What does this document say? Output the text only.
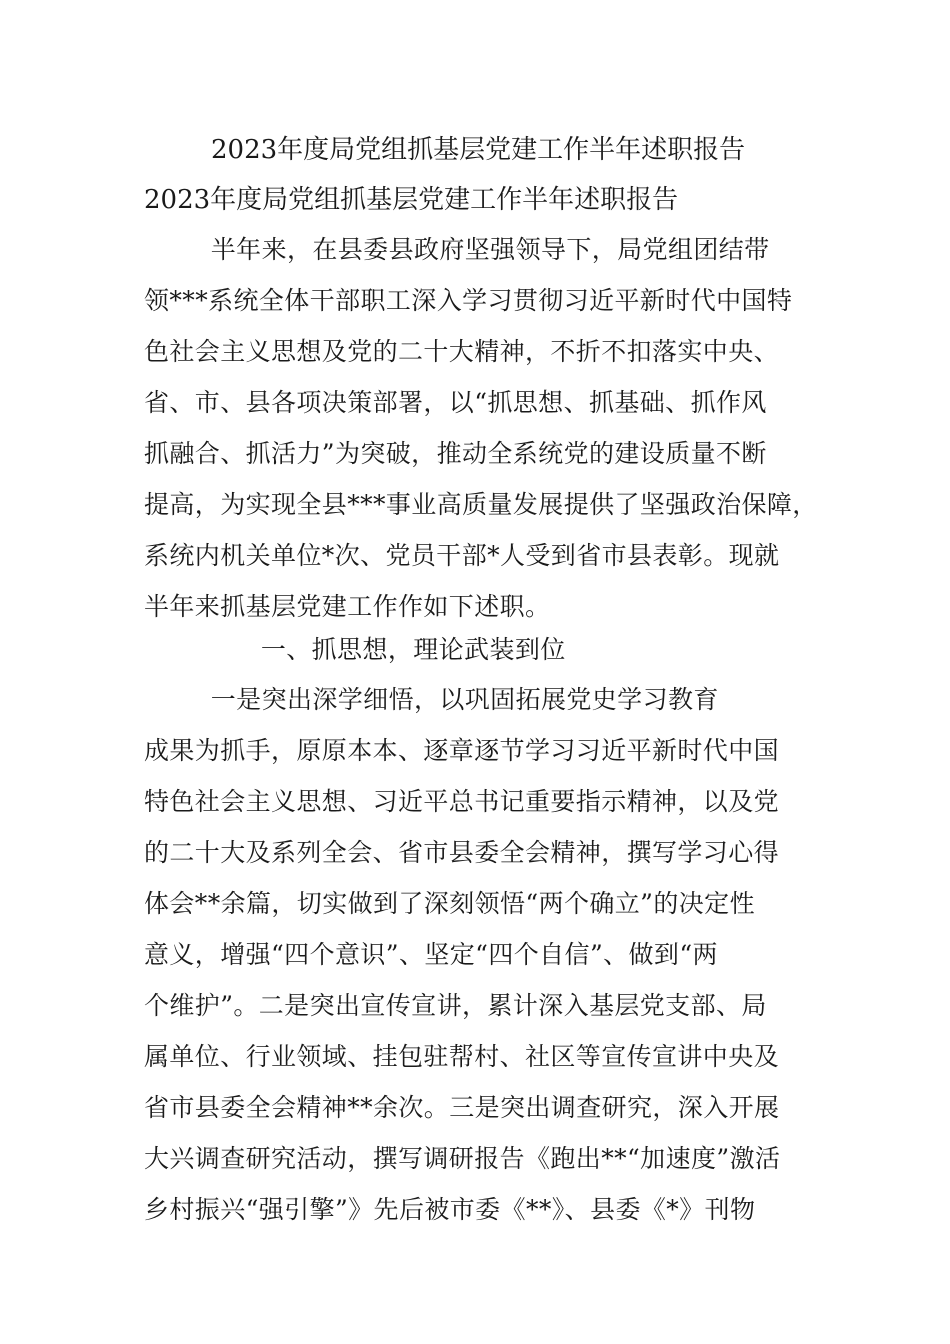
2023年度局党组抓基层党建工作半年述职报告
2023年度局党组抓基层党建工作半年述职报告
半年来，在县委县政府坚强领导下，局党组团结带
领***系统全体干部职工深入学习贯彻习近平新时代中国特
色社会主义思想及党的二十大精神，不折不扣落实中央、
省、市、县各项决策部署，以“抓思想、抓基础、抓作风
抓融合、抓活力”为突破，推动全系统党的建设质量不断
提高，为实现全县***事业高质量发展提供了坚强政治保障，
系统内机关单位*次、党员干部*人受到省市县表彰。现就
半年来抓基层党建工作作如下述职。
一、抓思想，理论武装到位
一是突出深学细悟，以巩固拓展党史学习教育
成果为抓手，原原本本、逐章逐节学习习近平新时代中国
特色社会主义思想、习近平总书记重要指示精神，以及党
的二十大及系列全会、省市县委全会精神，撰写学习心得
体会**余篇，切实做到了深刻领悟“两个确立”的决定性
意义，增强“四个意识”、坚定“四个自信”、做到“两
个维护”。二是突出宣传宣讲，累计深入基层党支部、局
属单位、行业领域、挂包驻帮村、社区等宣传宣讲中央及
省市县委全会精神**余次。三是突出调查研究，深入开展
大兴调查研究活动，撰写调研报告《跑出**“加速度”激活
乡村振兴“强引擎”》先后被市委《**》、县委《*》刊物
